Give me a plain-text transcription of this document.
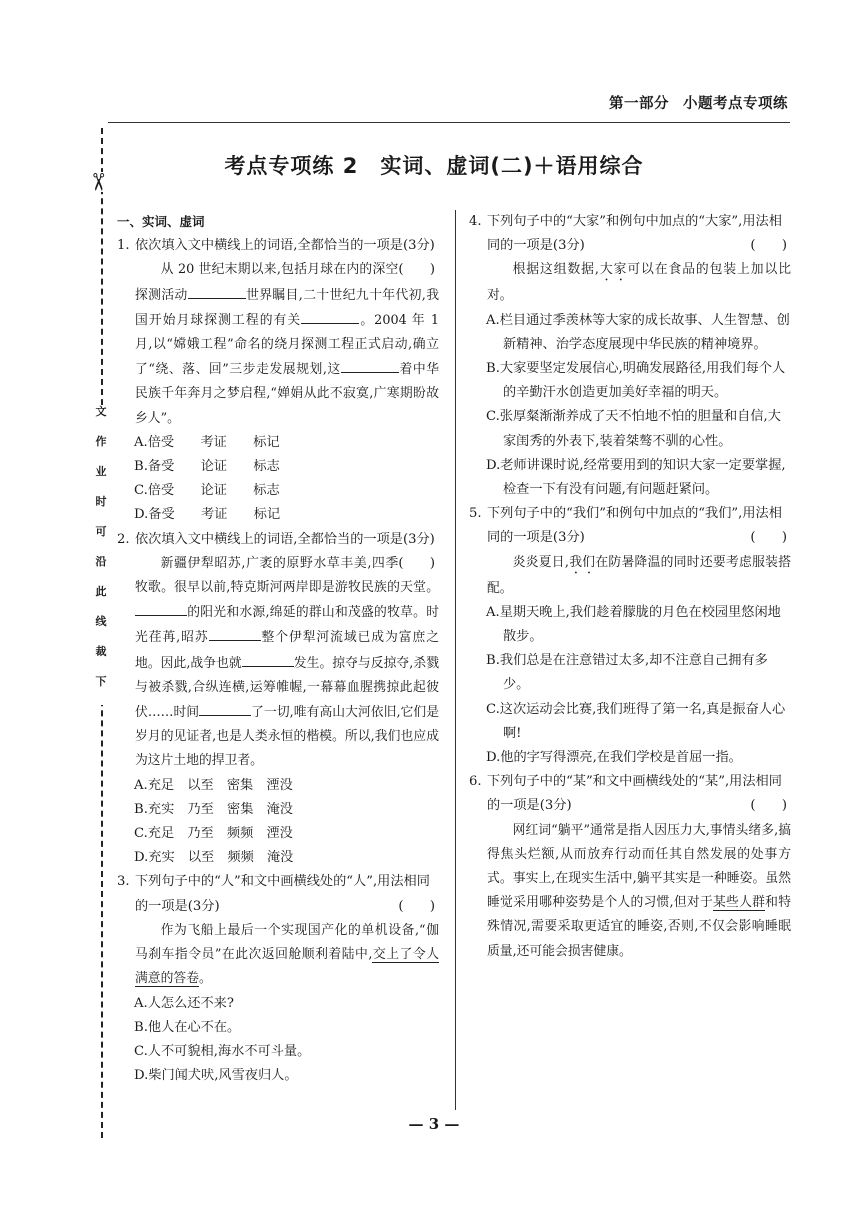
第一部分 小题考点专项练
✂
文
作
业
时
可
沿
此
线
裁
下
考点专项练 2　实词、虚词(二)＋语用综合
一、实词、虚词
1. 依次填入文中横线上的词语,全都恰当的一项是(3分)
(　　)
从 20 世纪末期以来,包括月球在内的深空探测活动	世界瞩目,二十世纪九十年代初,我国开始月球探测工程的有关	。2004 年 1 月,以“嫦娥工程”命名的绕月探测工程正式启动,确立了“绕、落、回”三步走发展规划,这	着中华民族千年奔月之梦启程,“婵娟从此不寂寞,广寒期盼故乡人”。
A.倍受　　考证　　标记
B.备受　　论证　　标志
C.倍受　　论证　　标志
D.备受　　考证　　标记
2. 依次填入文中横线上的词语,全都恰当的一项是(3分)
(　　)
新疆伊犁昭苏,广袤的原野水草丰美,四季牧歌。很早以前,特克斯河两岸即是游牧民族的天堂。的阳光和水源,绵延的群山和茂盛的牧草。时光荏苒,昭苏	整个伊犁河流域已成为富庶之地。因此,战争也就	发生。掠夺与反掠夺,杀戮与被杀戮,合纵连横,运筹帷幄,一幕幕血腥携掠此起彼伏……时间	了一切,唯有高山大河依旧,它们是岁月的见证者,也是人类永恒的楷模。所以,我们也应成为这片土地的捍卫者。
A.充足　以至　密集　湮没
B.充实　乃至　密集　淹没
C.充足　乃至　频频　湮没
D.充实　以至　频频　淹没
3. 下列句子中的“人”和文中画横线处的“人”,用法相同的一项是(3分)	(　　)
作为飞船上最后一个实现国产化的单机设备,“伽马刹车指令员”在此次返回舱顺利着陆中,交上了令人满意的答卷。
A.人怎么还不来?
B.他人在心不在。
C.人不可貌相,海水不可斗量。
D.柴门闻犬吠,风雪夜归人。
4. 下列句子中的“大家”和例句中加点的“大家”,用法相同的一项是(3分)	(　　)
根据这组数据,大家可以在食品的包装上加以比对。
A.栏目通过季羡林等大家的成长故事、人生智慧、创新精神、治学态度展现中华民族的精神境界。
B.大家要坚定发展信心,明确发展路径,用我们每个人的辛勤汗水创造更加美好幸福的明天。
C.张厚粲渐渐养成了天不怕地不怕的胆量和自信,大家闺秀的外表下,装着桀骜不驯的心性。
D.老师讲课时说,经常要用到的知识大家一定要掌握,检查一下有没有问题,有问题赶紧问。
5. 下列句子中的“我们”和例句中加点的“我们”,用法相同的一项是(3分)	(　　)
炎炎夏日,我们在防暑降温的同时还要考虑服装搭配。
A.星期天晚上,我们趁着朦胧的月色在校园里悠闲地散步。
B.我们总是在注意错过太多,却不注意自己拥有多少。
C.这次运动会比赛,我们班得了第一名,真是振奋人心啊!
D.他的字写得漂亮,在我们学校是首屈一指。
6. 下列句子中的“某”和文中画横线处的“某”,用法相同的一项是(3分)	(　　)
网红词“躺平”通常是指人因压力大,事情头绪多,搞得焦头烂额,从而放弃行动而任其自然发展的处事方式。事实上,在现实生活中,躺平其实是一种睡姿。虽然睡觉采用哪种姿势是个人的习惯,但对于某些人群和特殊情况,需要采取更适宜的睡姿,否则,不仅会影响睡眠质量,还可能会损害健康。
— 3 —
